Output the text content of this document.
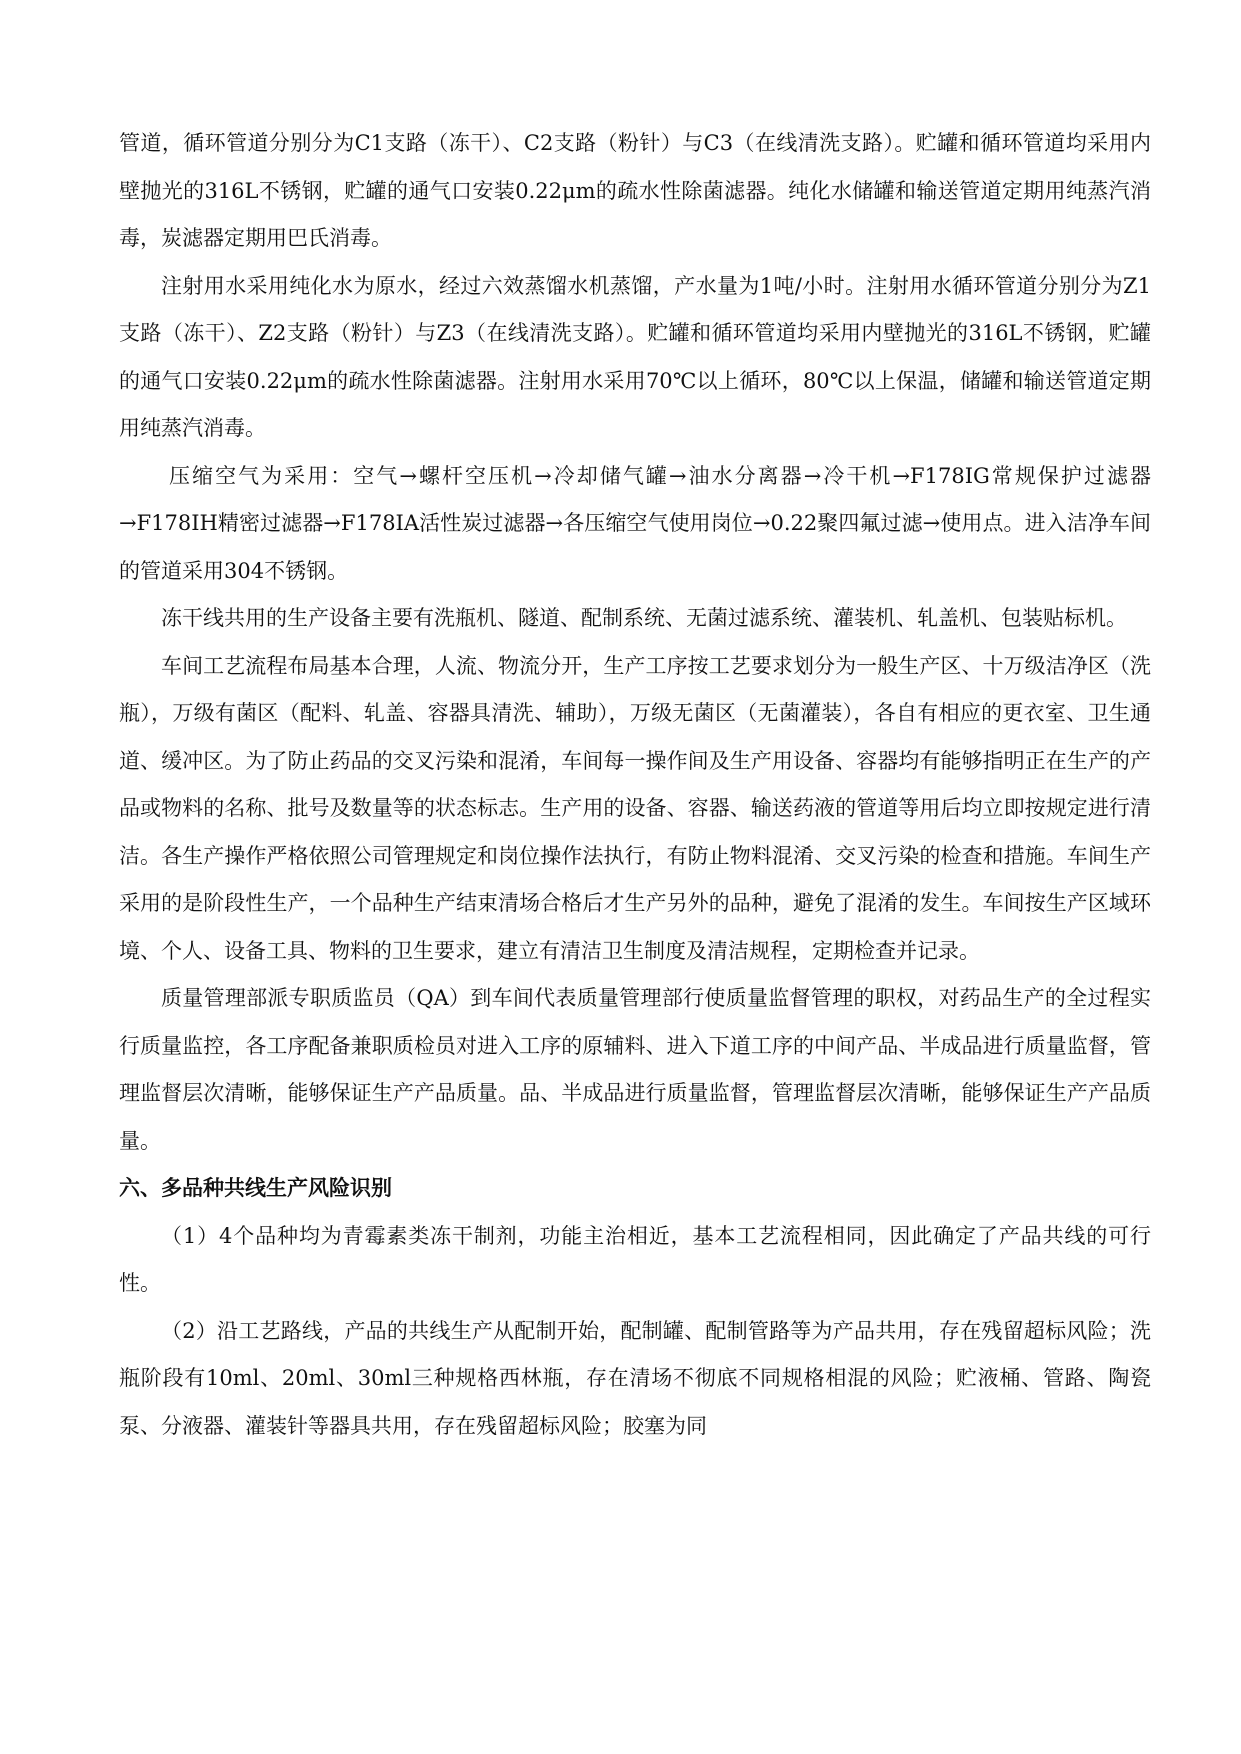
管道，循环管道分别分为C1支路（冻干）、C2支路（粉针）与C3（在线清洗支路）。贮罐和循环管道均采用内壁抛光的316L不锈钢，贮罐的通气口安装0.22μm的疏水性除菌滤器。纯化水储罐和输送管道定期用纯蒸汽消毒，炭滤器定期用巴氏消毒。

注射用水采用纯化水为原水，经过六效蒸馏水机蒸馏，产水量为1吨/小时。注射用水循环管道分别分为Z1支路（冻干）、Z2支路（粉针）与Z3（在线清洗支路）。贮罐和循环管道均采用内壁抛光的316L不锈钢，贮罐的通气口安装0.22μm的疏水性除菌滤器。注射用水采用70℃以上循环，80℃以上保温，储罐和输送管道定期用纯蒸汽消毒。

压缩空气为采用：空气→螺杆空压机→冷却储气罐→油水分离器→冷干机→F178IG常规保护过滤器→F178IH精密过滤器→F178IA活性炭过滤器→各压缩空气使用岗位→0.22聚四氟过滤→使用点。进入洁净车间的管道采用304不锈钢。

冻干线共用的生产设备主要有洗瓶机、隧道、配制系统、无菌过滤系统、灌装机、轧盖机、包装贴标机。

车间工艺流程布局基本合理，人流、物流分开，生产工序按工艺要求划分为一般生产区、十万级洁净区（洗瓶），万级有菌区（配料、轧盖、容器具清洗、辅助），万级无菌区（无菌灌装），各自有相应的更衣室、卫生通道、缓冲区。为了防止药品的交叉污染和混淆，车间每一操作间及生产用设备、容器均有能够指明正在生产的产品或物料的名称、批号及数量等的状态标志。生产用的设备、容器、输送药液的管道等用后均立即按规定进行清洁。各生产操作严格依照公司管理规定和岗位操作法执行，有防止物料混淆、交叉污染的检查和措施。车间生产采用的是阶段性生产，一个品种生产结束清场合格后才生产另外的品种，避免了混淆的发生。车间按生产区域环境、个人、设备工具、物料的卫生要求，建立有清洁卫生制度及清洁规程，定期检查并记录。

质量管理部派专职质监员（QA）到车间代表质量管理部行使质量监督管理的职权，对药品生产的全过程实行质量监控，各工序配备兼职质检员对进入工序的原辅料、进入下道工序的中间产品、半成品进行质量监督，管理监督层次清晰，能够保证生产产品质量。品、半成品进行质量监督，管理监督层次清晰，能够保证生产产品质量。

六、多品种共线生产风险识别

（1）4个品种均为青霉素类冻干制剂，功能主治相近，基本工艺流程相同，因此确定了产品共线的可行性。

（2）沿工艺路线，产品的共线生产从配制开始，配制罐、配制管路等为产品共用，存在残留超标风险；洗瓶阶段有10ml、20ml、30ml三种规格西林瓶，存在清场不彻底不同规格相混的风险；贮液桶、管路、陶瓷泵、分液器、灌装针等器具共用，存在残留超标风险；胶塞为同
